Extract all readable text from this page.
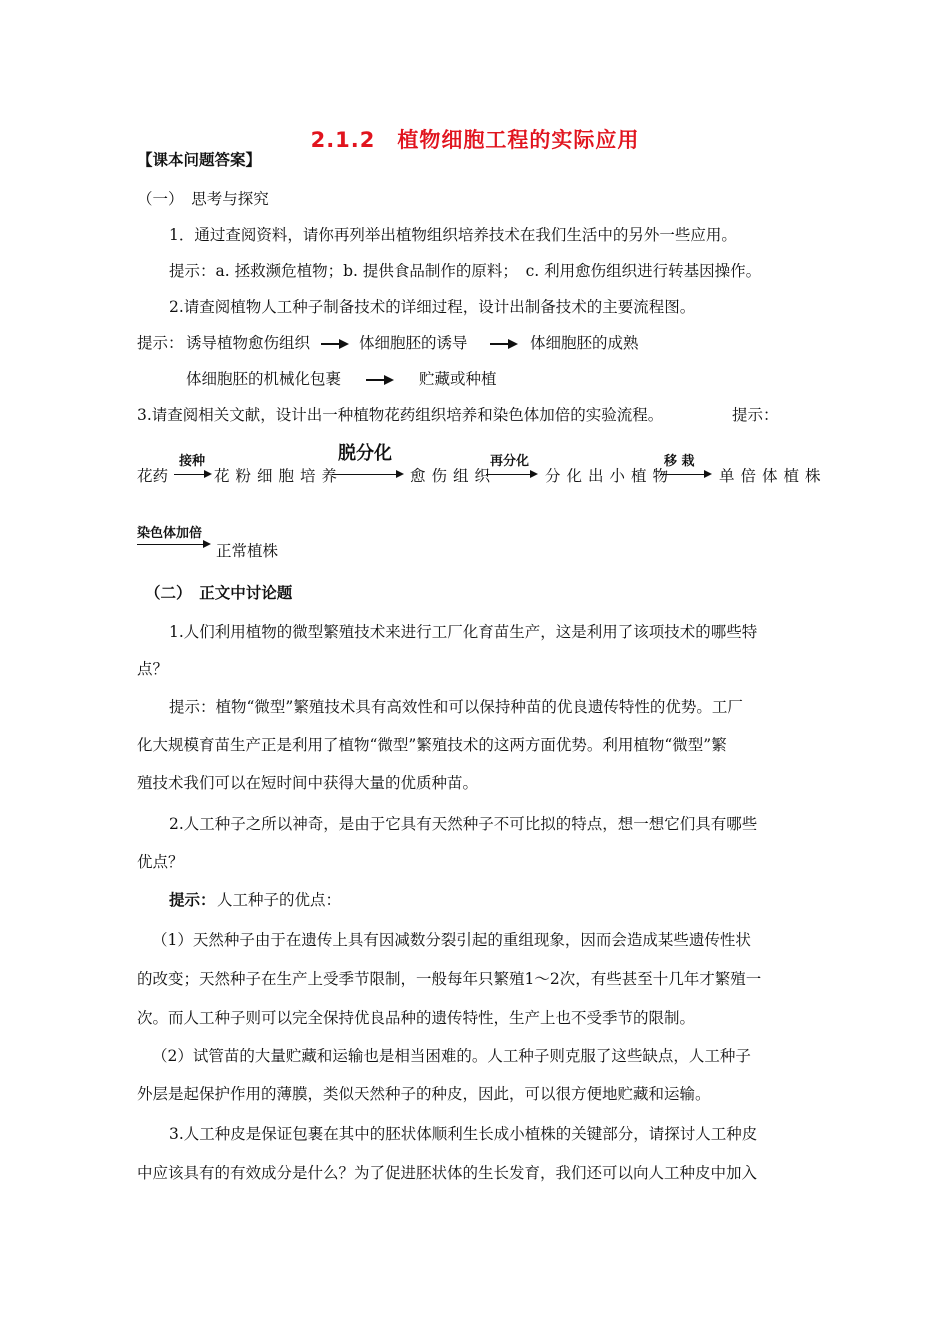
2.1.2　植物细胞工程的实际应用
【课本问题答案】
（一）　思考与探究
1．通过查阅资料，请你再列举出植物组织培养技术在我们生活中的另外一些应用。
提示：a. 拯救濒危植物；b. 提供食品制作的原料；　c. 利用愈伤组织进行转基因操作。
2.请查阅植物人工种子制备技术的详细过程，设计出制备技术的主要流程图。
提示： 诱导植物愈伤组织	体细胞胚的诱导	体细胞胚的成熟
体细胞胚的机械化包裹	贮藏或种植
3.请查阅相关文献，设计出一种植物花药组织培养和染色体加倍的实验流程。	提示：
接种	脱分化	再分化	移 栽
花药	花粉细胞培养	愈伤组织	分化出小植物	单倍体植株
染色体加倍
正常植株
（二）　正文中讨论题
1.人们利用植物的微型繁殖技术来进行工厂化育苗生产，这是利用了该项技术的哪些特
点？
提示：植物“微型”繁殖技术具有高效性和可以保持种苗的优良遗传特性的优势。工厂
化大规模育苗生产正是利用了植物“微型”繁殖技术的这两方面优势。利用植物“微型”繁
殖技术我们可以在短时间中获得大量的优质种苗。
2.人工种子之所以神奇，是由于它具有天然种子不可比拟的特点，想一想它们具有哪些
优点？
提示： 人工种子的优点：
（1）天然种子由于在遗传上具有因减数分裂引起的重组现象，因而会造成某些遗传性状
的改变；天然种子在生产上受季节限制，一般每年只繁殖1～2次，有些甚至十几年才繁殖一
次。而人工种子则可以完全保持优良品种的遗传特性，生产上也不受季节的限制。
（2）试管苗的大量贮藏和运输也是相当困难的。人工种子则克服了这些缺点，人工种子
外层是起保护作用的薄膜，类似天然种子的种皮，因此，可以很方便地贮藏和运输。
3.人工种皮是保证包裹在其中的胚状体顺利生长成小植株的关键部分，请探讨人工种皮
中应该具有的有效成分是什么？为了促进胚状体的生长发育，我们还可以向人工种皮中加入
